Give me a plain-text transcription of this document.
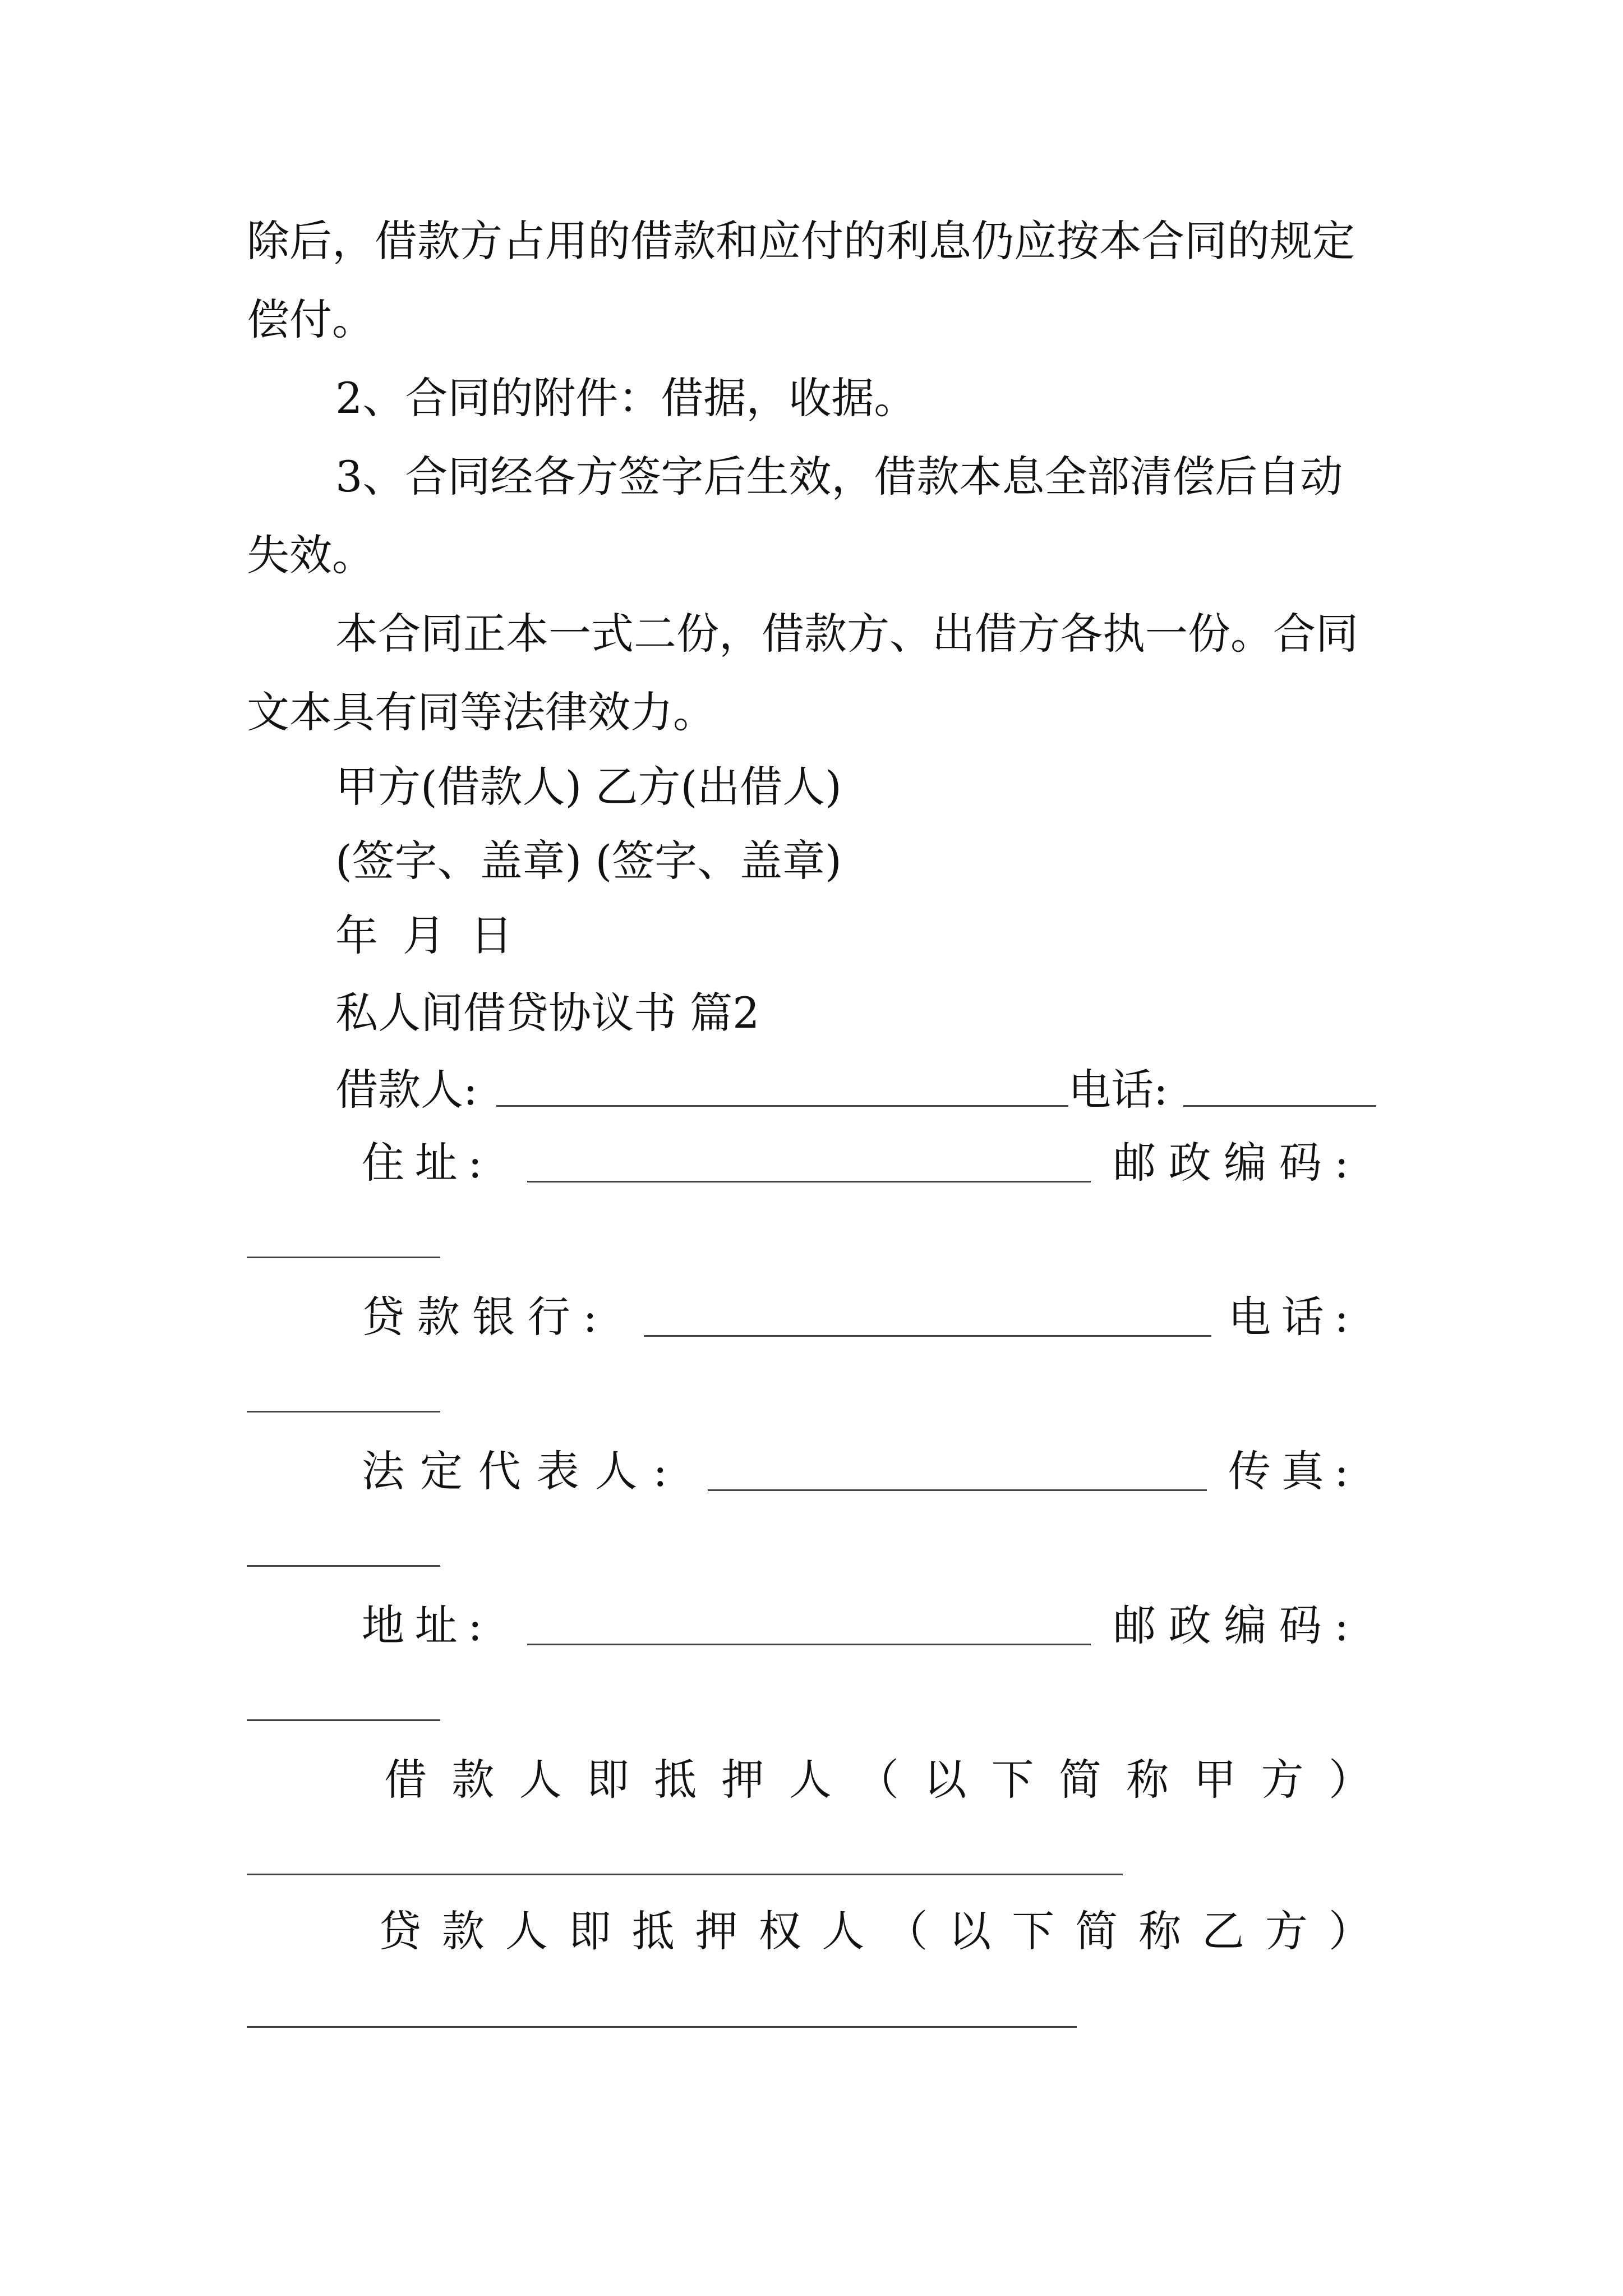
除后，借款方占用的借款和应付的利息仍应按本合同的规定
偿付。
2、合同的附件：借据，收据。
3、合同经各方签字后生效，借款本息全部清偿后自动
失效。
本合同正本一式二份，借款方、出借方各执一份。合同
文本具有同等法律效力。
甲方(借款人) 乙方(出借人)
(签字、盖章) (签字、盖章)
年 月 日
私人间借贷协议书 篇2
借款人:	电话:
住 址 :	邮 政 编 码 :
贷 款 银 行 :	电 话 :
法 定 代 表 人 :	传 真 :
地 址 :	邮 政 编 码 :
借 款 人 即 抵 押 人 （ 以 下 简 称 甲 方 ）
贷 款 人 即 抵 押 权 人 （ 以 下 简 称 乙 方 ）
